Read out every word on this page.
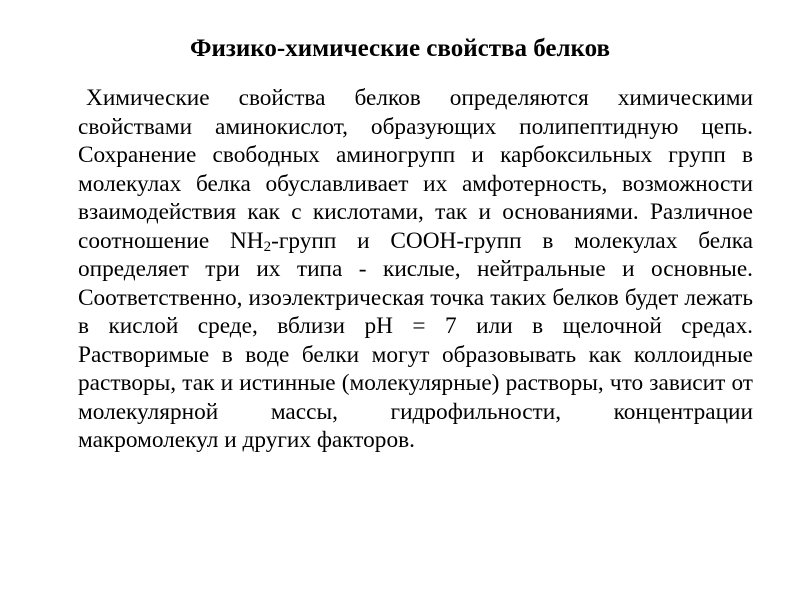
Физико-химические свойства белков

Химические свойства белков определяются химическими свойствами аминокислот, образующих полипептидную цепь. Сохранение свободных аминогрупп и карбоксильных групп в молекулах белка обуславливает их амфотерность, возможности взаимодействия как с кислотами, так и основаниями. Различное соотношение $NH_2$-групп и COOH-групп в молекулах белка определяет три их типа - кислые, нейтральные и основные. Соответственно, изоэлектрическая точка таких белков будет лежать в кислой среде, вблизи pH = 7 или в щелочной средах. Растворимые в воде белки могут образовывать как коллоидные растворы, так и истинные (молекулярные) растворы, что зависит от молекулярной массы, гидрофильности, концентрации макромолекул и других факторов.
